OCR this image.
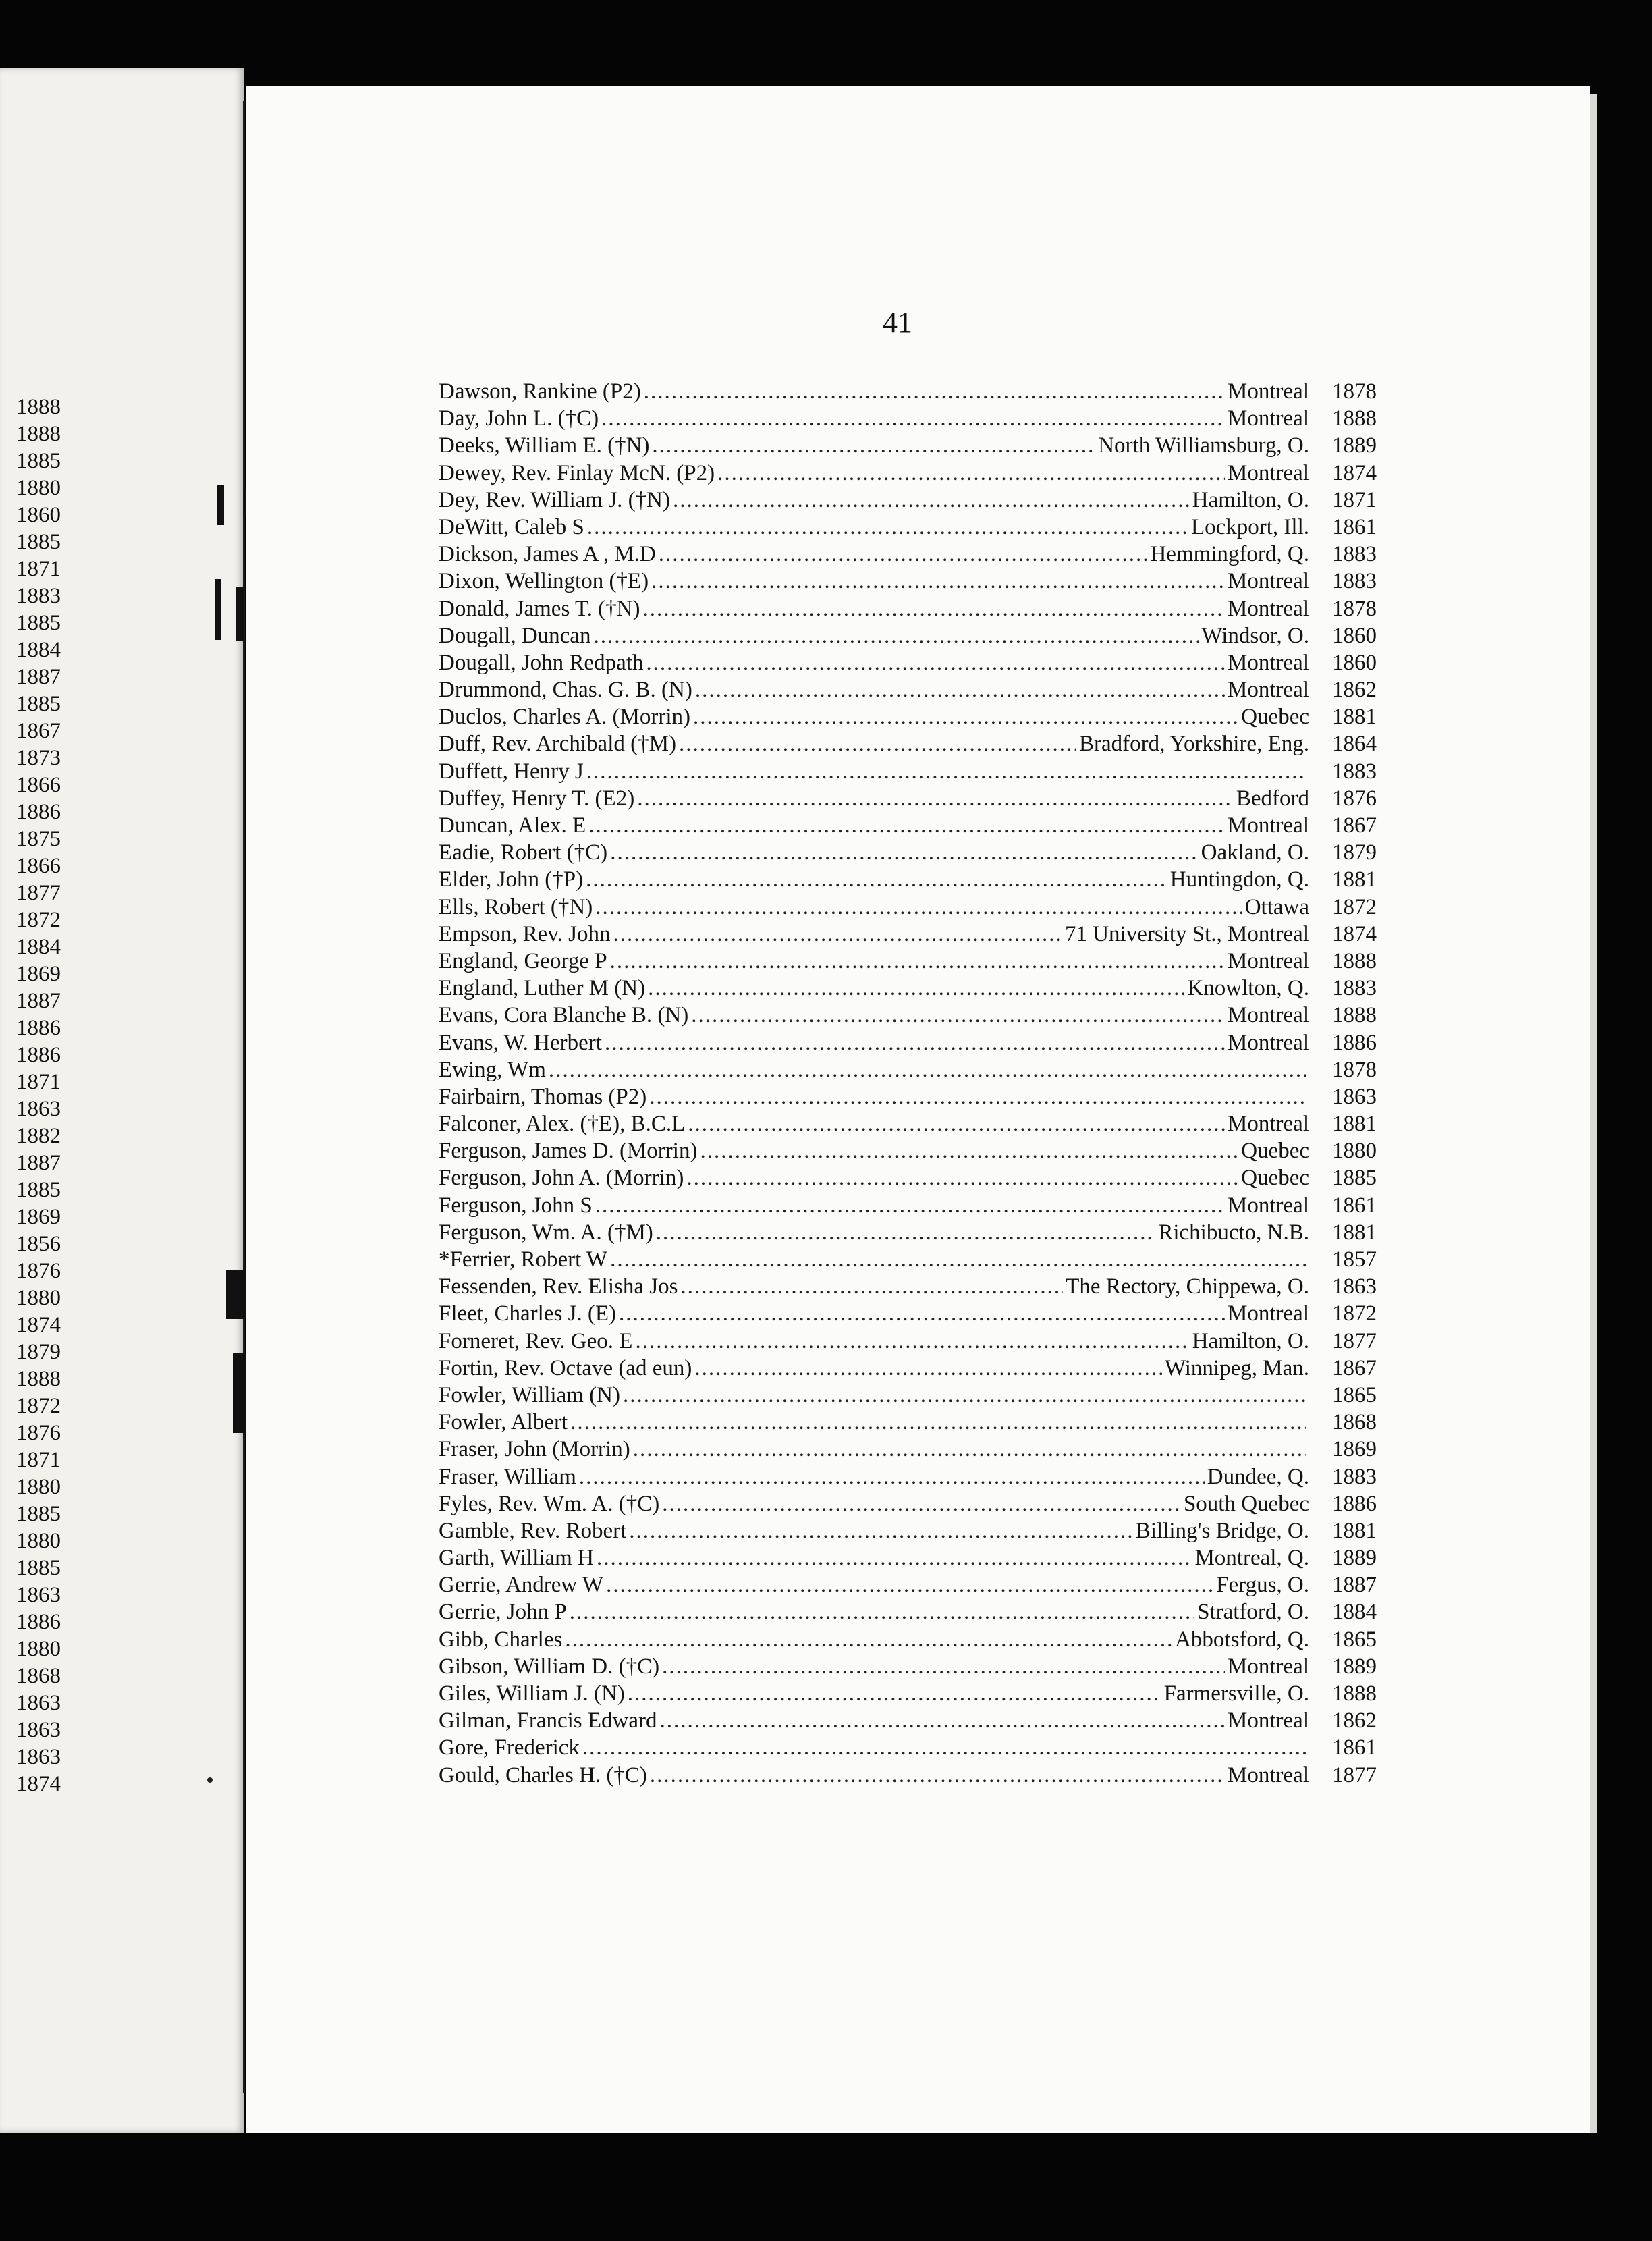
1888
1888
1885
1880
1860
1885
1871
1883
1885
1884
1887
1885
1867
1873
1866
1886
1875
1866
1877
1872
1884
1869
1887
1886
1886
1871
1863
1882
1887
1885
1869
1856
1876
1880
1874
1879
1888
1872
1876
1871
1880
1885
1880
1885
1863
1886
1880
1868
1863
1863
1863
1874
41
Dawson, Rankine (P2) .....	Montreal	1878
Day, John L. (†C) .....	Montreal	1888
Deeks, William E. (†N) .....	North Williamsburg, O.	1889
Dewey, Rev. Finlay McN. (P2) .....	Montreal	1874
Dey, Rev. William J. (†N) .....	Hamilton, O.	1871
DeWitt, Caleb S .....	Lockport, Ill.	1861
Dickson, James A , M.D .....	Hemmingford, Q.	1883
Dixon, Wellington (†E) .....	Montreal	1883
Donald, James T. (†N) .....	Montreal	1878
Dougall, Duncan .....	Windsor, O.	1860
Dougall, John Redpath .....	Montreal	1860
Drummond, Chas. G. B. (N) .....	Montreal	1862
Duclos, Charles A. (Morrin) .....	Quebec	1881
Duff, Rev. Archibald (†M) .....	Bradford, Yorkshire, Eng.	1864
Duffett, Henry J .....	1883
Duffey, Henry T. (E2) .....	Bedford	1876
Duncan, Alex. E .....	Montreal	1867
Eadie, Robert (†C) .....	Oakland, O.	1879
Elder, John (†P) .....	Huntingdon, Q.	1881
Ells, Robert (†N) .....	Ottawa	1872
Empson, Rev. John .....	71 University St., Montreal	1874
England, George P .....	Montreal	1888
England, Luther M (N) .....	Knowlton, Q.	1883
Evans, Cora Blanche B. (N) .....	Montreal	1888
Evans, W. Herbert .....	Montreal	1886
Ewing, Wm .....	1878
Fairbairn, Thomas (P2) .....	1863
Falconer, Alex. (†E), B.C.L .....	Montreal	1881
Ferguson, James D. (Morrin) .....	Quebec	1880
Ferguson, John A. (Morrin) .....	Quebec	1885
Ferguson, John S .....	Montreal	1861
Ferguson, Wm. A. (†M) .....	Richibucto, N.B.	1881
*Ferrier, Robert W .....	1857
Fessenden, Rev. Elisha Jos .....	The Rectory, Chippewa, O.	1863
Fleet, Charles J. (E) .....	Montreal	1872
Forneret, Rev. Geo. E .....	Hamilton, O.	1877
Fortin, Rev. Octave (ad eun) .....	Winnipeg, Man.	1867
Fowler, William (N) .....	1865
Fowler, Albert .....	1868
Fraser, John (Morrin) .....	1869
Fraser, William .....	Dundee, Q.	1883
Fyles, Rev. Wm. A. (†C) .....	South Quebec	1886
Gamble, Rev. Robert .....	Billing's Bridge, O.	1881
Garth, William H .....	Montreal, Q.	1889
Gerrie, Andrew W .....	Fergus, O.	1887
Gerrie, John P .....	Stratford, O.	1884
Gibb, Charles .....	Abbotsford, Q.	1865
Gibson, William D. (†C) .....	Montreal	1889
Giles, William J. (N) .....	Farmersville, O.	1888
Gilman, Francis Edward .....	Montreal	1862
Gore, Frederick .....	1861
Gould, Charles H. (†C) .....	Montreal	1877
